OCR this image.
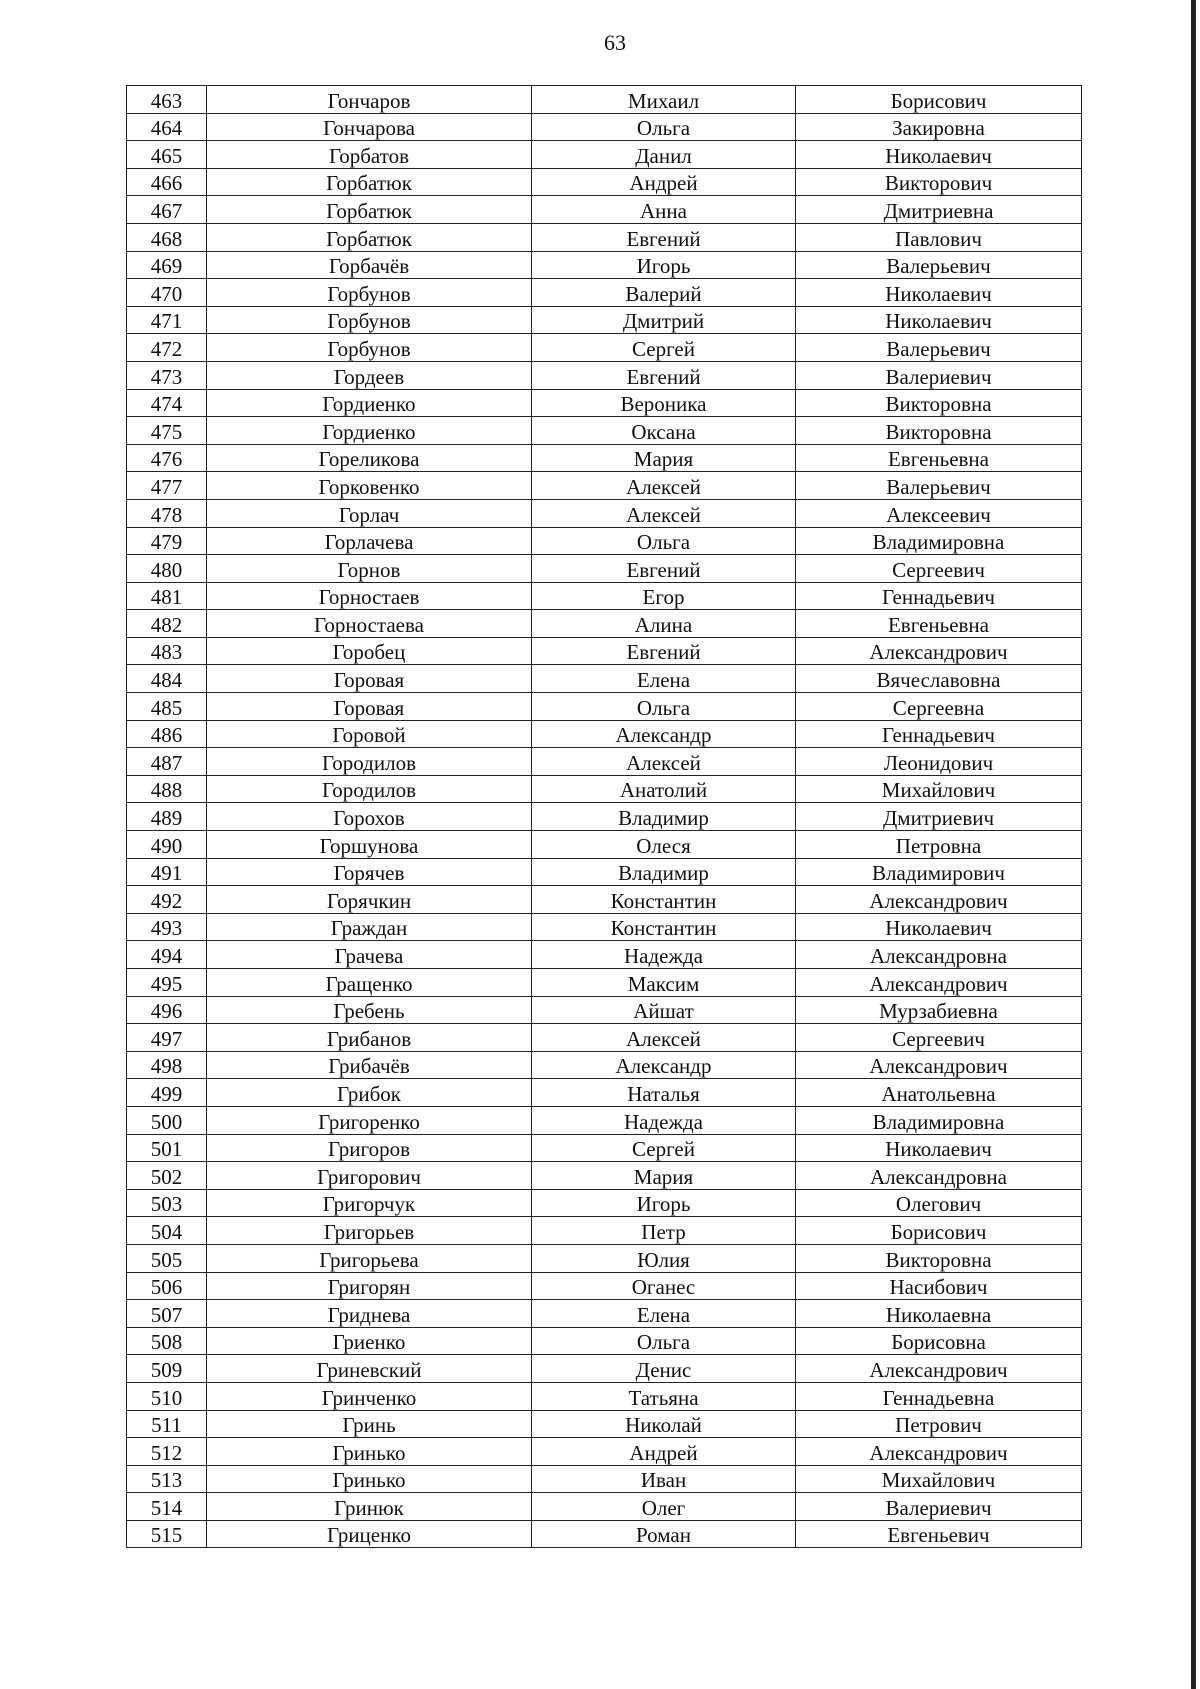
63
463	Гончаров	Михаил	Борисович
464	Гончарова	Ольга	Закировна
465	Горбатов	Данил	Николаевич
466	Горбатюк	Андрей	Викторович
467	Горбатюк	Анна	Дмитриевна
468	Горбатюк	Евгений	Павлович
469	Горбачёв	Игорь	Валерьевич
470	Горбунов	Валерий	Николаевич
471	Горбунов	Дмитрий	Николаевич
472	Горбунов	Сергей	Валерьевич
473	Гордеев	Евгений	Валериевич
474	Гордиенко	Вероника	Викторовна
475	Гордиенко	Оксана	Викторовна
476	Гореликова	Мария	Евгеньевна
477	Горковенко	Алексей	Валерьевич
478	Горлач	Алексей	Алексеевич
479	Горлачева	Ольга	Владимировна
480	Горнов	Евгений	Сергеевич
481	Горностаев	Егор	Геннадьевич
482	Горностаева	Алина	Евгеньевна
483	Горобец	Евгений	Александрович
484	Горовая	Елена	Вячеславовна
485	Горовая	Ольга	Сергеевна
486	Горовой	Александр	Геннадьевич
487	Городилов	Алексей	Леонидович
488	Городилов	Анатолий	Михайлович
489	Горохов	Владимир	Дмитриевич
490	Горшунова	Олеся	Петровна
491	Горячев	Владимир	Владимирович
492	Горячкин	Константин	Александрович
493	Граждан	Константин	Николаевич
494	Грачева	Надежда	Александровна
495	Гращенко	Максим	Александрович
496	Гребень	Айшат	Мурзабиевна
497	Грибанов	Алексей	Сергеевич
498	Грибачёв	Александр	Александрович
499	Грибок	Наталья	Анатольевна
500	Григоренко	Надежда	Владимировна
501	Григоров	Сергей	Николаевич
502	Григорович	Мария	Александровна
503	Григорчук	Игорь	Олегович
504	Григорьев	Петр	Борисович
505	Григорьева	Юлия	Викторовна
506	Григорян	Оганес	Насибович
507	Гриднева	Елена	Николаевна
508	Гриенко	Ольга	Борисовна
509	Гриневский	Денис	Александрович
510	Гринченко	Татьяна	Геннадьевна
511	Гринь	Николай	Петрович
512	Гринько	Андрей	Александрович
513	Гринько	Иван	Михайлович
514	Гринюк	Олег	Валериевич
515	Гриценко	Роман	Евгеньевич
